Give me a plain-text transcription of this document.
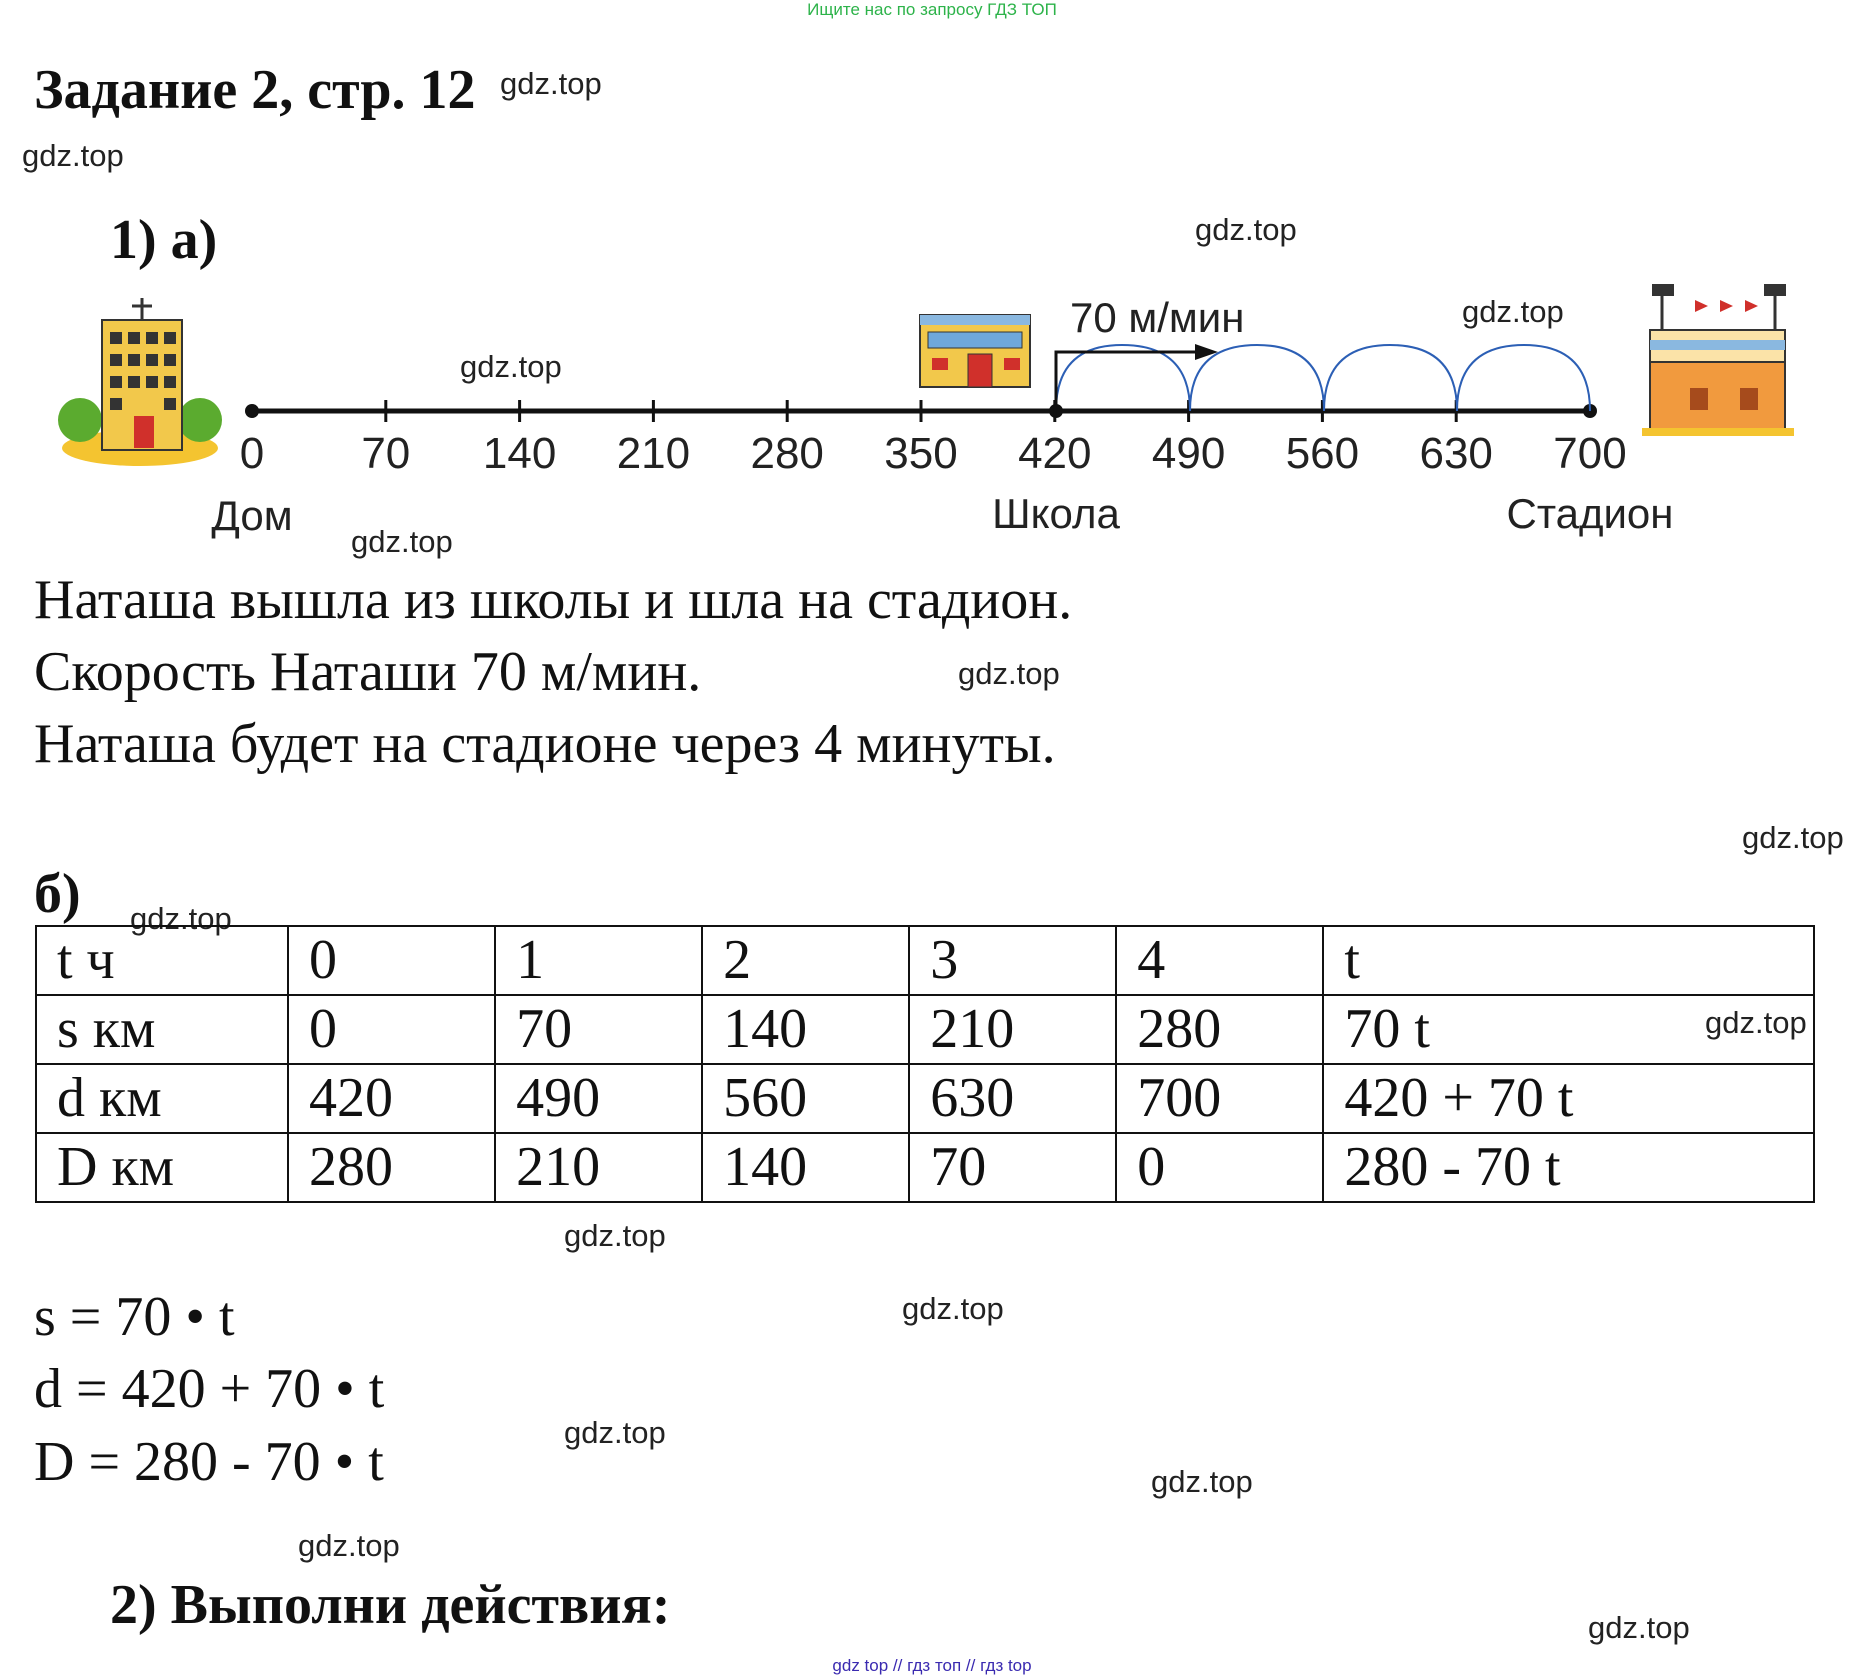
Ищите нас по запросу ГДЗ ТОП
Задание 2, стр. 12 gdz.top
gdz.top
gdz.top
gdz.top
gdz.top
gdz.top
gdz.top
gdz.top
gdz.top
gdz.top
gdz.top
gdz.top
gdz.top
gdz.top
gdz.top
gdz.top
1) а)
0 70 140 210 280 350 420 490 560 630 700
70 м/мин
Дом	Школа	Стадион
Наташа вышла из школы и шла на стадион.
Скорость Наташи 70 м/мин.
Наташа будет на стадионе через 4 минуты.
б)
t ч	0	1	2	3	4	t
s км	0	70	140	210	280	70 t
d км	420	490	560	630	700	420 + 70 t
D км	280	210	140	70	0	280 - 70 t
s = 70 • t
d = 420 + 70 • t
D = 280 - 70 • t
2) Выполни действия:
gdz top // гдз топ // гдз top
